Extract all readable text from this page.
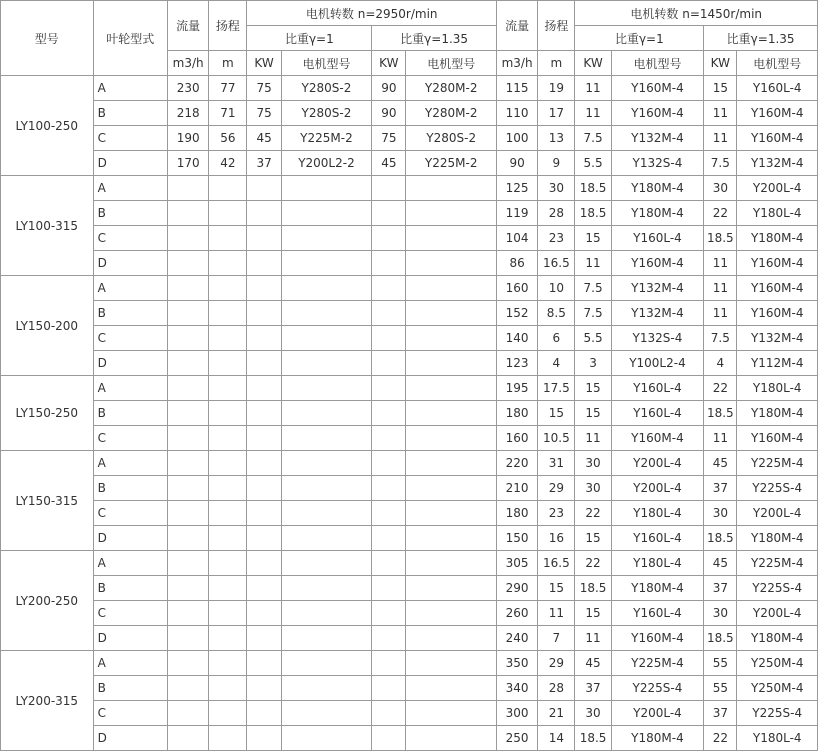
型号	叶轮型式	流量	扬程	电机转数 n=2950r/min				流量	扬程	电机转数 n=1450r/min			
				比重γ=1		比重γ=1.35				比重γ=1		比重γ=1.35	
		m3/h	m	KW	电机型号	KW	电机型号	m3/h	m	KW	电机型号	KW	电机型号
LY100-250	A	230	77	75	Y280S-2	90	Y280M-2	115	19	11	Y160M-4	15	Y160L-4
	B	218	71	75	Y280S-2	90	Y280M-2	110	17	11	Y160M-4	11	Y160M-4
	C	190	56	45	Y225M-2	75	Y280S-2	100	13	7.5	Y132M-4	11	Y160M-4
	D	170	42	37	Y200L2-2	45	Y225M-2	90	9	5.5	Y132S-4	7.5	Y132M-4
LY100-315	A							125	30	18.5	Y180M-4	30	Y200L-4
	B							119	28	18.5	Y180M-4	22	Y180L-4
	C							104	23	15	Y160L-4	18.5	Y180M-4
	D							86	16.5	11	Y160M-4	11	Y160M-4
LY150-200	A							160	10	7.5	Y132M-4	11	Y160M-4
	B							152	8.5	7.5	Y132M-4	11	Y160M-4
	C							140	6	5.5	Y132S-4	7.5	Y132M-4
	D							123	4	3	Y100L2-4	4	Y112M-4
LY150-250	A							195	17.5	15	Y160L-4	22	Y180L-4
	B							180	15	15	Y160L-4	18.5	Y180M-4
	C							160	10.5	11	Y160M-4	11	Y160M-4
LY150-315	A							220	31	30	Y200L-4	45	Y225M-4
	B							210	29	30	Y200L-4	37	Y225S-4
	C							180	23	22	Y180L-4	30	Y200L-4
	D							150	16	15	Y160L-4	18.5	Y180M-4
LY200-250	A							305	16.5	22	Y180L-4	45	Y225M-4
	B							290	15	18.5	Y180M-4	37	Y225S-4
	C							260	11	15	Y160L-4	30	Y200L-4
	D							240	7	11	Y160M-4	18.5	Y180M-4
LY200-315	A							350	29	45	Y225M-4	55	Y250M-4
	B							340	28	37	Y225S-4	55	Y250M-4
	C							300	21	30	Y200L-4	37	Y225S-4
	D							250	14	18.5	Y180M-4	22	Y180L-4
